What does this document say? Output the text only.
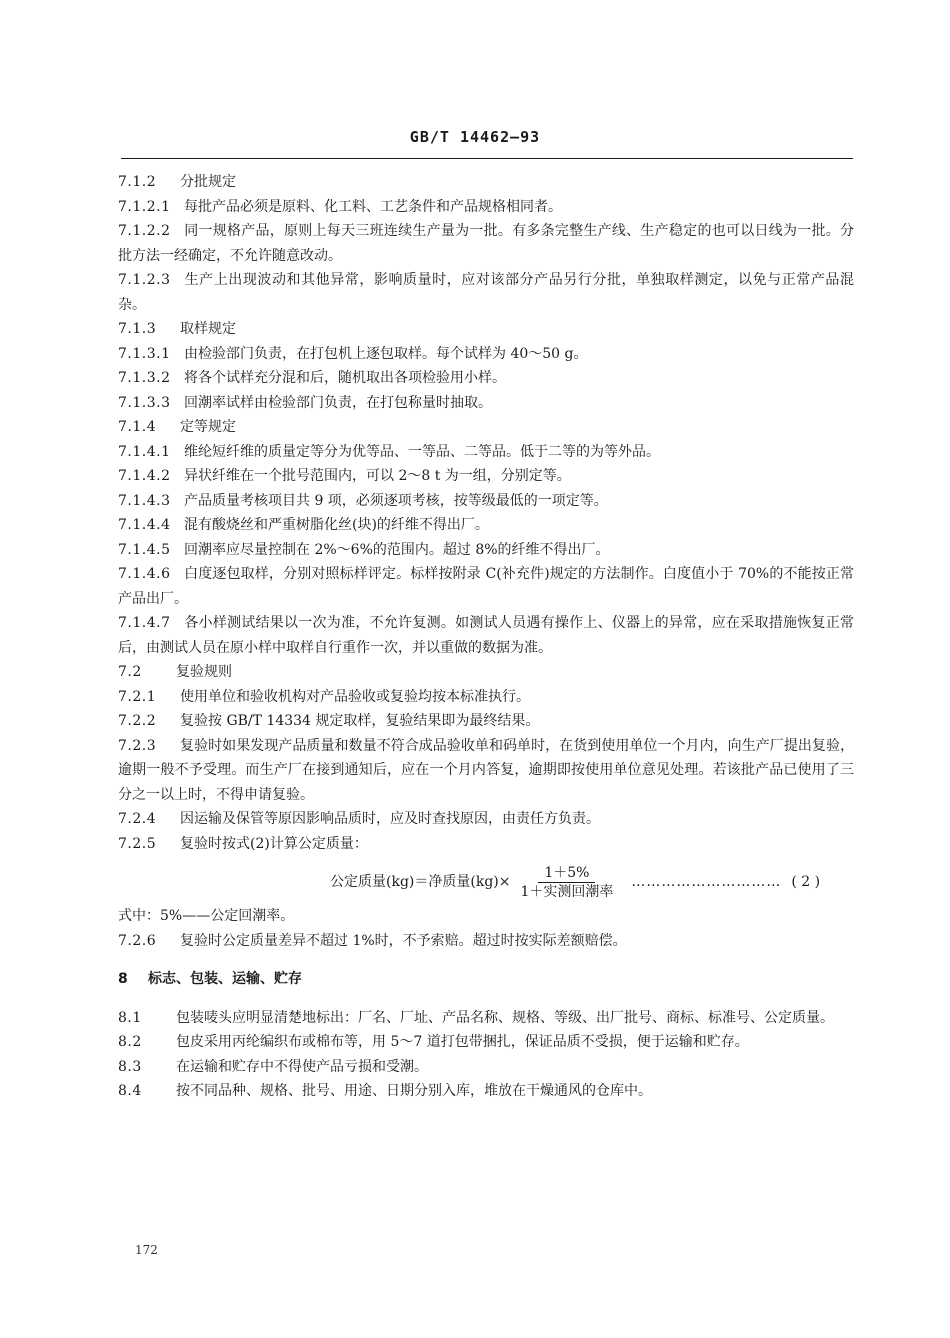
GB/T 14462—93

7.1.2 分批规定

7.1.2.1 每批产品必须是原料、化工料、工艺条件和产品规格相同者。

7.1.2.2 同一规格产品，原则上每天三班连续生产量为一批。有多条完整生产线、生产稳定的也可以日线为一批。分批方法一经确定，不允许随意改动。

7.1.2.3 生产上出现波动和其他异常，影响质量时，应对该部分产品另行分批，单独取样测定，以免与正常产品混杂。

7.1.3 取样规定

7.1.3.1 由检验部门负责，在打包机上逐包取样。每个试样为 40～50 g。

7.1.3.2 将各个试样充分混和后，随机取出各项检验用小样。

7.1.3.3 回潮率试样由检验部门负责，在打包称量时抽取。

7.1.4 定等规定

7.1.4.1 维纶短纤维的质量定等分为优等品、一等品、二等品。低于二等的为等外品。

7.1.4.2 异状纤维在一个批号范围内，可以 2～8 t 为一组，分别定等。

7.1.4.3 产品质量考核项目共 9 项，必须逐项考核，按等级最低的一项定等。

7.1.4.4 混有酸烧丝和严重树脂化丝(块)的纤维不得出厂。

7.1.4.5 回潮率应尽量控制在 2%～6%的范围内。超过 8%的纤维不得出厂。

7.1.4.6 白度逐包取样，分别对照标样评定。标样按附录 C(补充件)规定的方法制作。白度值小于 70%的不能按正常产品出厂。

7.1.4.7 各小样测试结果以一次为准，不允许复测。如测试人员遇有操作上、仪器上的异常，应在采取措施恢复正常后，由测试人员在原小样中取样自行重作一次，并以重做的数据为准。

7.2 复验规则

7.2.1 使用单位和验收机构对产品验收或复验均按本标准执行。

7.2.2 复验按 GB/T 14334 规定取样，复验结果即为最终结果。

7.2.3 复验时如果发现产品质量和数量不符合成品验收单和码单时，在货到使用单位一个月内，向生产厂提出复验，逾期一般不予受理。而生产厂在接到通知后，应在一个月内答复，逾期即按使用单位意见处理。若该批产品已使用了三分之一以上时，不得申请复验。

7.2.4 因运输及保管等原因影响品质时，应及时查找原因，由责任方负责。

7.2.5 复验时按式(2)计算公定质量：

公定质量(kg)＝净质量$(kg)\times \frac{1+5\%}{\text{1＋实测回潮率}}$ ………………………… ( 2 )

式中：5%——公定回潮率。

7.2.6 复验时公定质量差异不超过 1%时，不予索赔。超过时按实际差额赔偿。

8 标志、包装、运输、贮存

8.1 包装唛头应明显清楚地标出：厂名、厂址、产品名称、规格、等级、出厂批号、商标、标准号、公定质量。

8.2 包皮采用丙纶编织布或棉布等，用 5～7 道打包带捆扎，保证品质不受损，便于运输和贮存。

8.3 在运输和贮存中不得使产品亏损和受潮。

8.4 按不同品种、规格、批号、用途、日期分别入库，堆放在干燥通风的仓库中。

172
